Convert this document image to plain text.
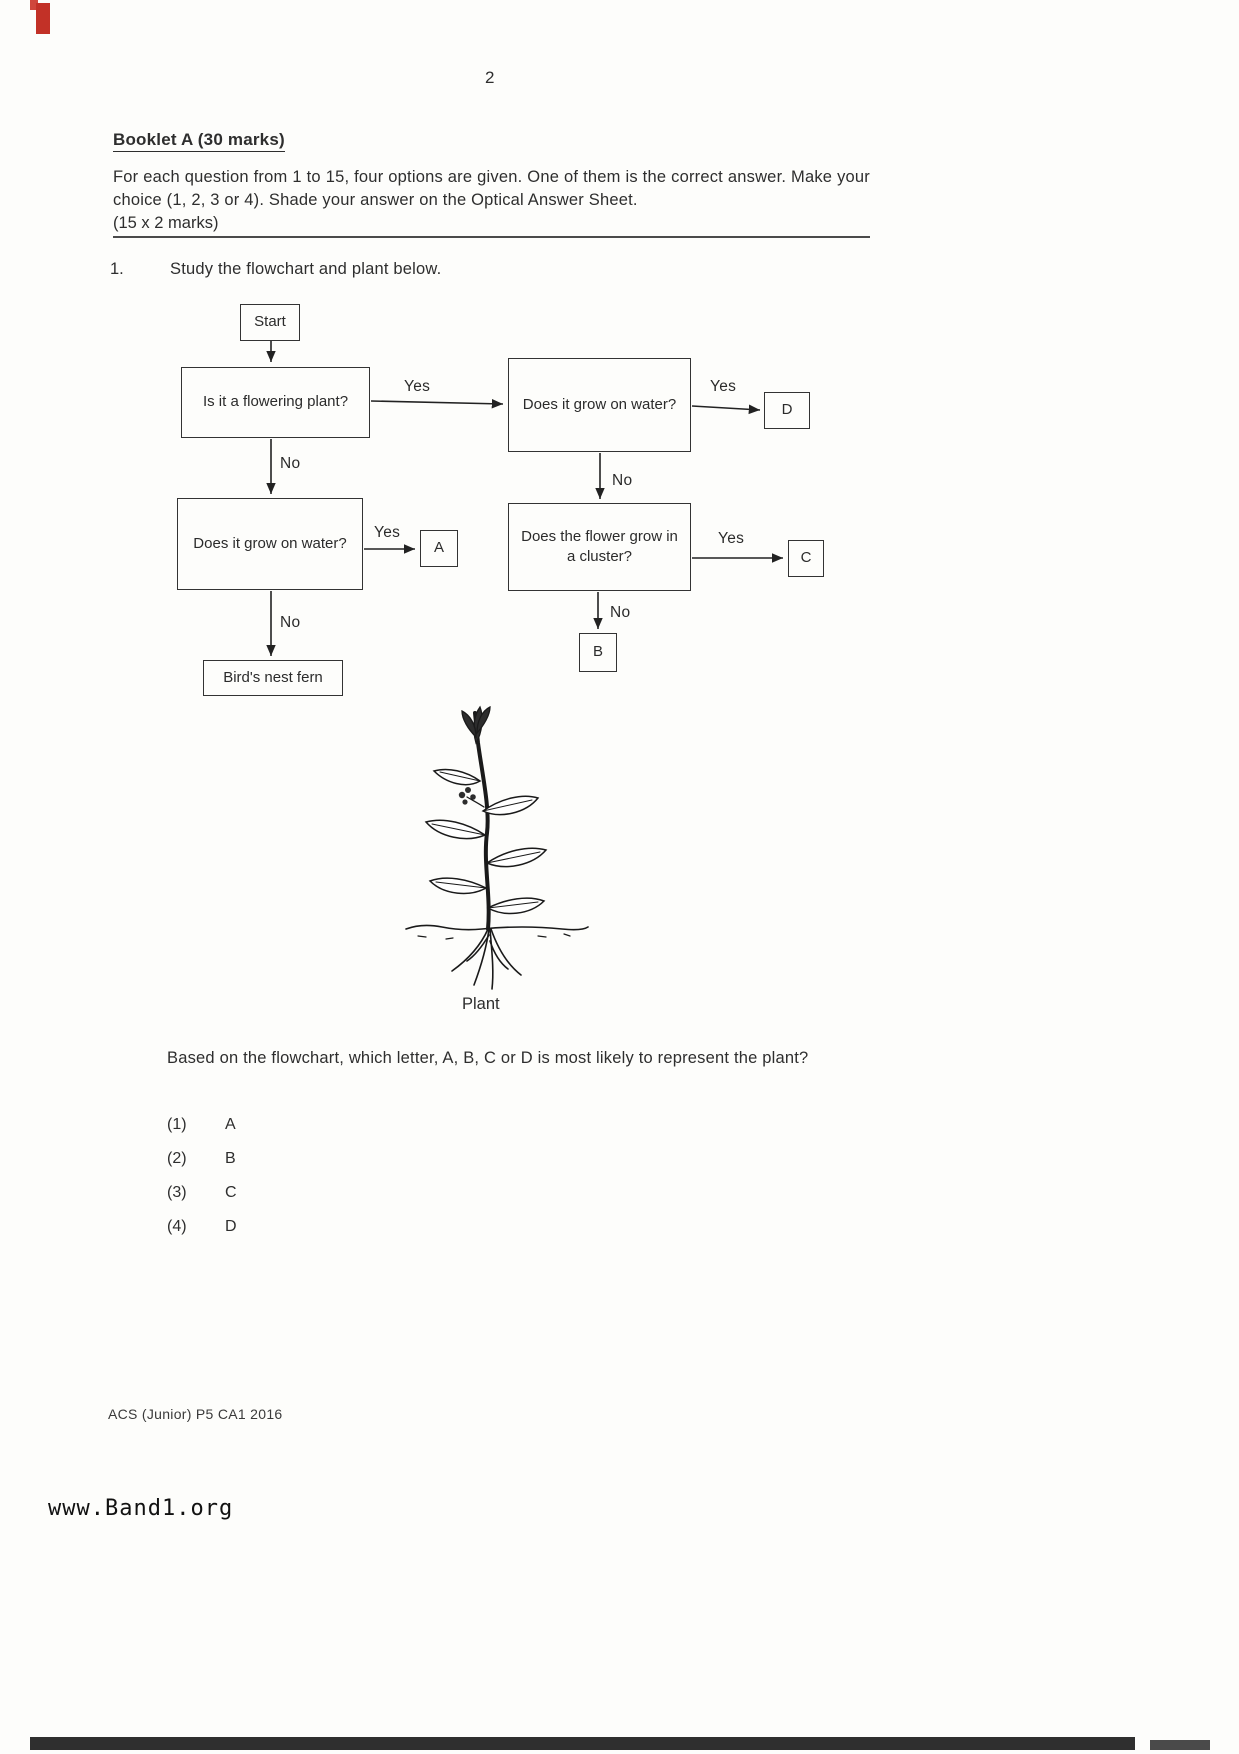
2
Booklet A (30 marks)

For each question from 1 to 15, four options are given. One of them is the correct answer. Make your choice (1, 2, 3 or 4). Shade your answer on the Optical Answer Sheet.

(15 x 2 marks)
1.	Study the flowchart and plant below.
Start
Is it a flowering plant?	Does it grow on water?	D
Does the flower grow in a cluster?	C
B
Does it grow on water?	A
Bird's nest fern
Yes	Yes
No
Yes
No
No
Yes
No
Plant

Based on the flowchart, which letter, A, B, C or D is most likely to represent the plant?

(1)	A
(2)	B
(3)	C
(4)	D
ACS (Junior) P5 CA1 2016
www.Band1.org
